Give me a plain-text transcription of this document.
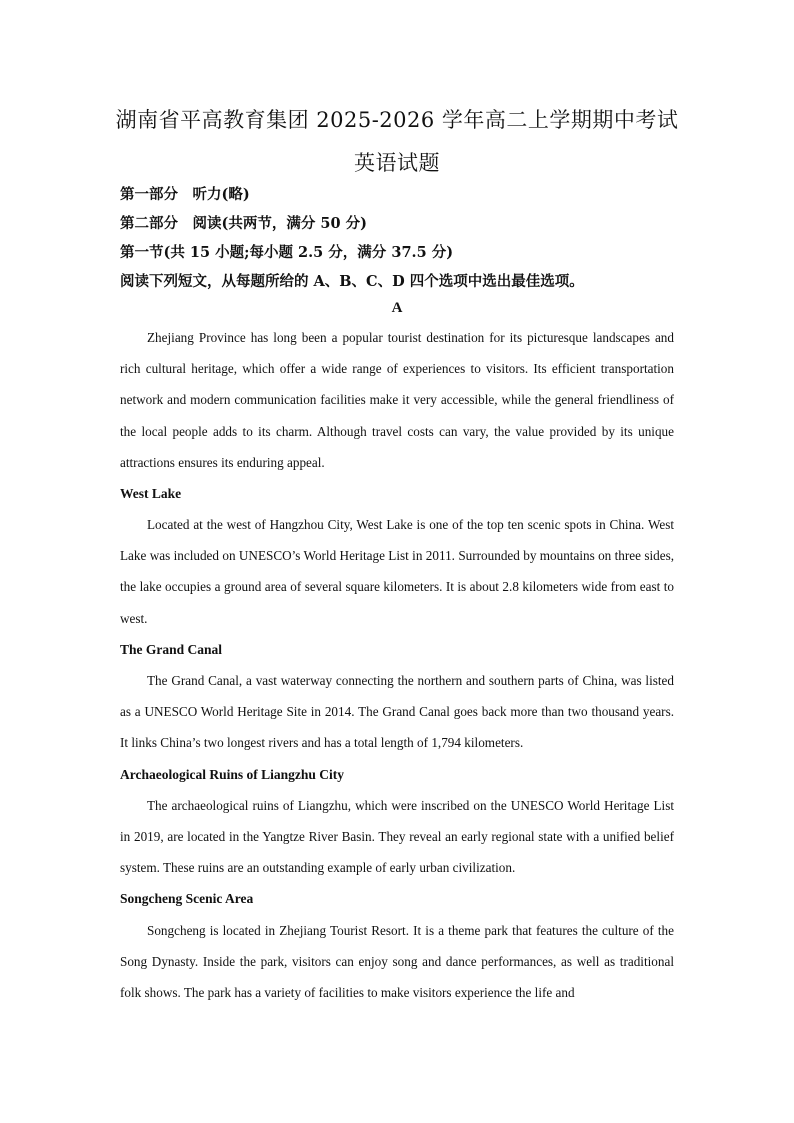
湖南省平高教育集团 2025-2026 学年高二上学期期中考试
英语试题
第一部分　听力(略)
第二部分　阅读(共两节，满分 50 分)
第一节(共 15 小题;每小题 2.5 分，满分 37.5 分)
阅读下列短文，从每题所给的 A、B、C、D 四个选项中选出最佳选项。
A

Zhejiang Province has long been a popular tourist destination for its picturesque landscapes and rich cultural heritage, which offer a wide range of experiences to visitors. Its efficient transportation network and modern communication facilities make it very accessible, while the general friendliness of the local people adds to its charm. Although travel costs can vary, the value provided by its unique attractions ensures its enduring appeal.

West Lake

Located at the west of Hangzhou City, West Lake is one of the top ten scenic spots in China. West Lake was included on UNESCO’s World Heritage List in 2011. Surrounded by mountains on three sides, the lake occupies a ground area of several square kilometers. It is about 2.8 kilometers wide from east to west.

The Grand Canal

The Grand Canal, a vast waterway connecting the northern and southern parts of China, was listed as a UNESCO World Heritage Site in 2014. The Grand Canal goes back more than two thousand years. It links China’s two longest rivers and has a total length of 1,794 kilometers.

Archaeological Ruins of Liangzhu City

The archaeological ruins of Liangzhu, which were inscribed on the UNESCO World Heritage List in 2019, are located in the Yangtze River Basin. They reveal an early regional state with a unified belief system. These ruins are an outstanding example of early urban civilization.

Songcheng Scenic Area

Songcheng is located in Zhejiang Tourist Resort. It is a theme park that features the culture of the Song Dynasty. Inside the park, visitors can enjoy song and dance performances, as well as traditional folk shows. The park has a variety of facilities to make visitors experience the life and
